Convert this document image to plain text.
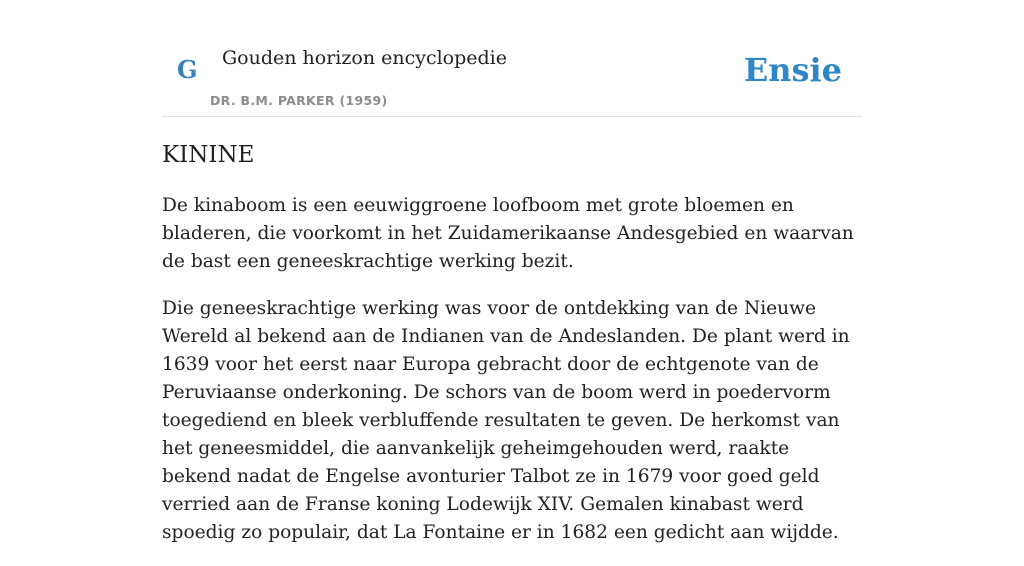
G Gouden horizon encyclopedie
DR. B.M. PARKER (1959)
Ensie
KININE

De kinaboom is een eeuwiggroene loofboom met grote bloemen en bladeren, die voorkomt in het Zuidamerikaanse Andesgebied en waarvan de bast een geneeskrachtige werking bezit.

Die geneeskrachtige werking was voor de ontdekking van de Nieuwe Wereld al bekend aan de Indianen van de Andeslanden. De plant werd in 1639 voor het eerst naar Europa gebracht door de echtgenote van de Peruviaanse onderkoning. De schors van de boom werd in poedervorm toegediend en bleek verbluffende resultaten te geven. De herkomst van het geneesmiddel, die aanvankelijk geheimgehouden werd, raakte bekend nadat de Engelse avonturier Talbot ze in 1679 voor goed geld verried aan de Franse koning Lodewijk XIV. Gemalen kinabast werd spoedig zo populair, dat La Fontaine er in 1682 een gedicht aan wijdde.
